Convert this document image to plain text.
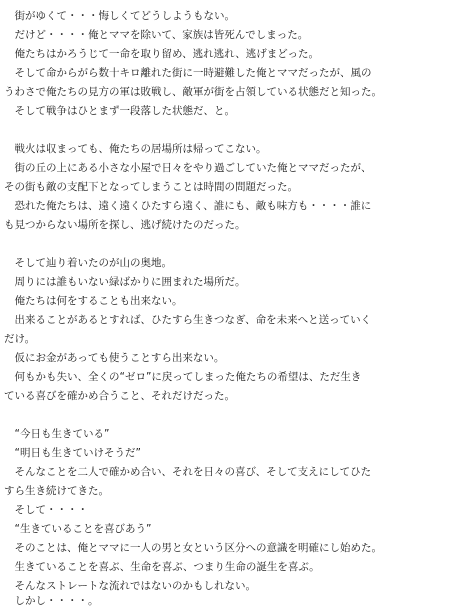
　街がゆくて・・・悔しくてどうしようもない。
　だけど・・・・俺とママを除いて、家族は皆死んでしまった。
　俺たちはかろうじて一命を取り留め、逃れ逃れ、逃げまどった。
　そして命からがら数十キロ離れた街に一時避難した俺とママだったが、風の
うわさで俺たちの見方の軍は敗戦し、敵軍が街を占領している状態だと知った。
　そして戦争はひとまず一段落した状態だ、と。
　戦火は収まっても、俺たちの居場所は帰ってこない。
　街の丘の上にある小さな小屋で日々をやり過ごしていた俺とママだったが、
その街も敵の支配下となってしまうことは時間の問題だった。
　恐れた俺たちは、遠く遠くひたすら遠く、誰にも、敵も味方も・・・・誰に
も見つからない場所を探し、逃げ続けたのだった。
　そして辿り着いたのが山の奥地。
　周りには誰もいない緑ばかりに囲まれた場所だ。
　俺たちは何をすることも出来ない。
　出来ることがあるとすれば、ひたすら生きつなぎ、命を未来へと送っていく
だけ。
　仮にお金があっても使うことすら出来ない。
　何もかも失い、全くの“ゼロ”に戻ってしまった俺たちの希望は、ただ生き
ている喜びを確かめ合うこと、それだけだった。
　“今日も生きている”
　“明日も生きていけそうだ”
　そんなことを二人で確かめ合い、それを日々の喜び、そして支えにしてひた
すら生き続けてきた。
　そして・・・・
　“生きていることを喜びあう”
　そのことは、俺とママに一人の男と女という区分への意識を明確にし始めた。
　生きていることを喜ぶ、生命を喜ぶ、つまり生命の誕生を喜ぶ。
　そんなストレートな流れではないのかもしれない。
　しかし・・・・。
